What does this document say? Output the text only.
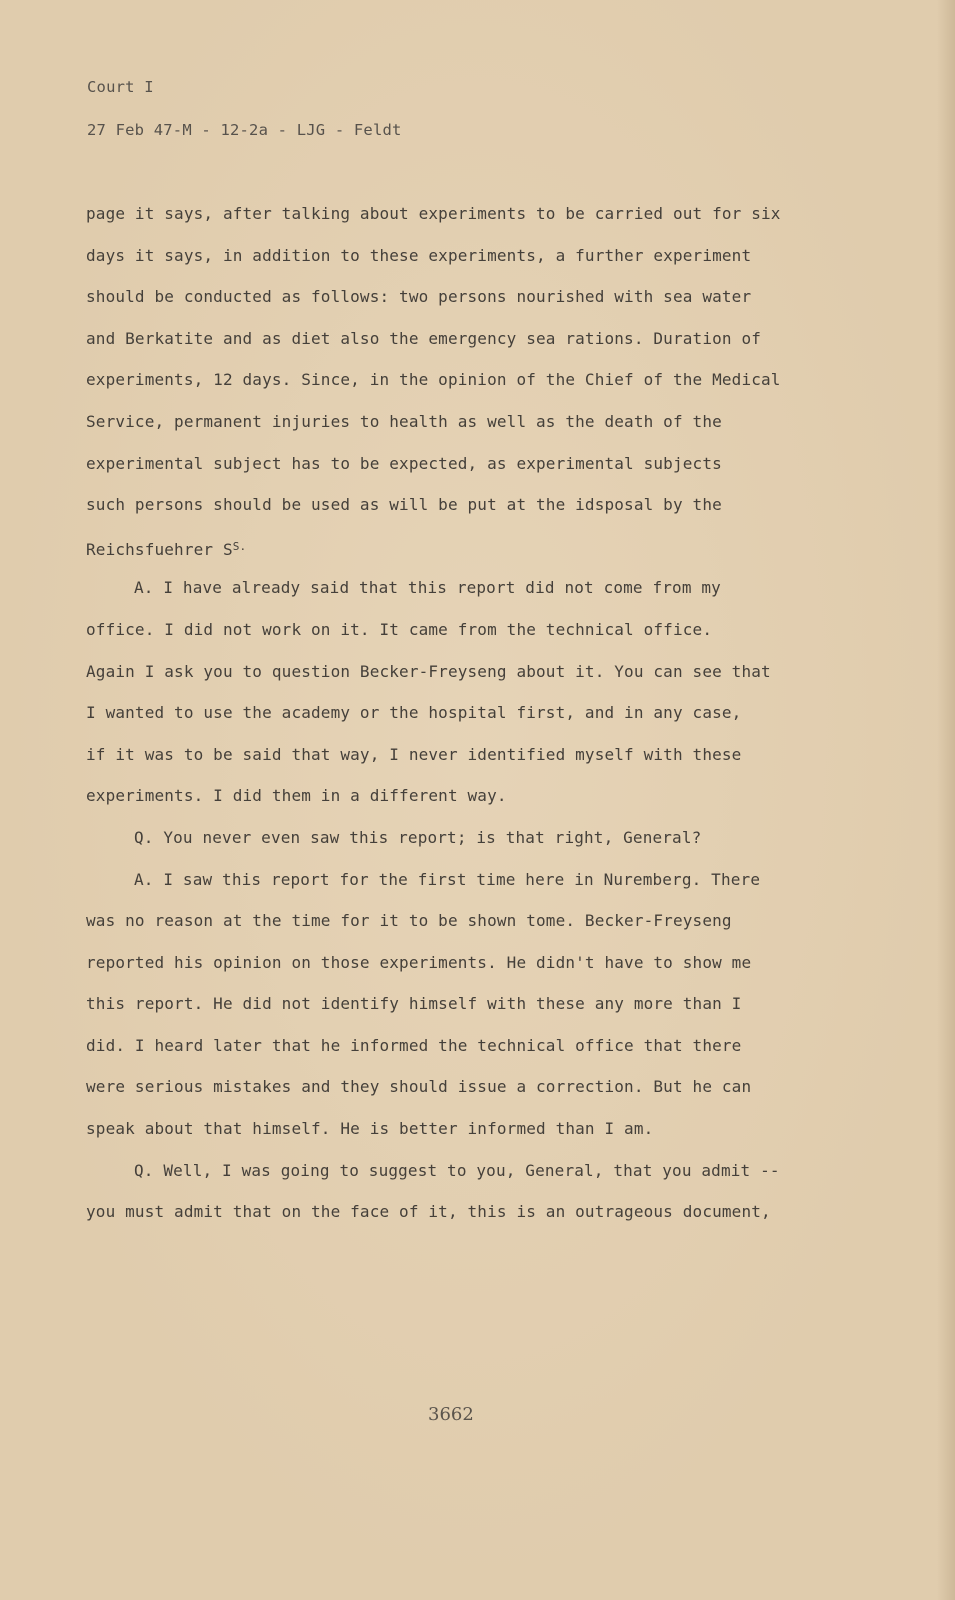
Court I
27 Feb 47-M - 12-2a - LJG - Feldt
page it says, after talking about experiments to be carried out for six
days it says, in addition to these experiments, a further experiment
should be conducted as follows: two persons nourished with sea water
and Berkatite and as diet also the emergency sea rations. Duration of
experiments, 12 days. Since, in the opinion of the Chief of the Medical
Service, permanent injuries to health as well as the death of the
experimental subject has to be expected, as experimental subjects
such persons should be used as will be put at the idsposal by the
Reichsfuehrer $S^{S.}$
A. I have already said that this report did not come from my
office. I did not work on it. It came from the technical office.
Again I ask you to question Becker-Freyseng about it. You can see that
I wanted to use the academy or the hospital first, and in any case,
if it was to be said that way, I never identified myself with these
experiments. I did them in a different way.
Q. You never even saw this report; is that right, General?
A. I saw this report for the first time here in Nuremberg. There
was no reason at the time for it to be shown tome. Becker-Freyseng
reported his opinion on those experiments. He didn't have to show me
this report. He did not identify himself with these any more than I
did. I heard later that he informed the technical office that there
were serious mistakes and they should issue a correction. But he can
speak about that himself. He is better informed than I am.
Q. Well, I was going to suggest to you, General, that you admit --
you must admit that on the face of it, this is an outrageous document,
3662
